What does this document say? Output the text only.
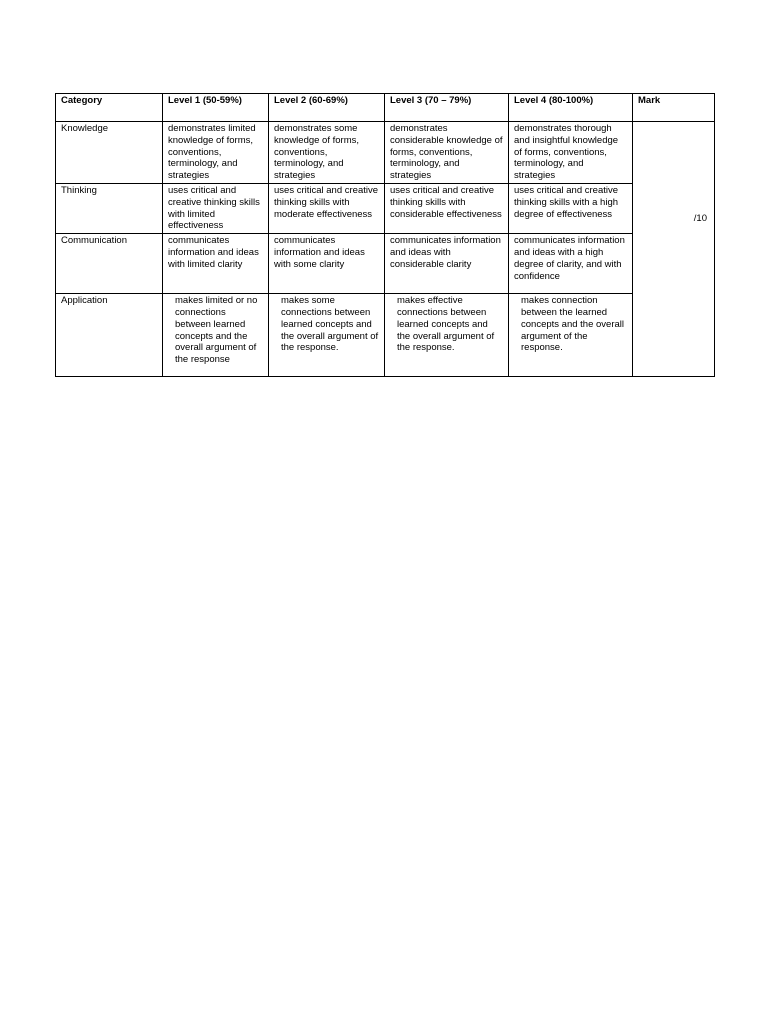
Category	Level 1 (50-59%)	Level 2 (60-69%)	Level 3 (70 – 79%)	Level 4 (80-100%)	Mark
Knowledge	demonstrates limited knowledge of forms, conventions, terminology, and strategies	demonstrates some knowledge of forms, conventions, terminology, and strategies	demonstrates considerable knowledge of forms, conventions, terminology, and strategies	demonstrates thorough and insightful knowledge of forms, conventions, terminology, and strategies	/10
Thinking	uses critical and creative thinking skills with limited effectiveness	uses critical and creative thinking skills with moderate effectiveness	uses critical and creative thinking skills with considerable effectiveness	uses critical and creative thinking skills with a high degree of effectiveness	
Communication	communicates information and ideas with limited clarity	communicates information and ideas with some clarity	communicates information and ideas with considerable clarity	communicates information and ideas with a high degree of clarity, and with confidence	
Application	makes limited or no connections between learned concepts and the overall argument of the response	makes some connections between learned concepts and the overall argument of the response.	makes effective connections between learned concepts and the overall argument of the response.	makes connection between the learned concepts and the overall argument of the response.	
